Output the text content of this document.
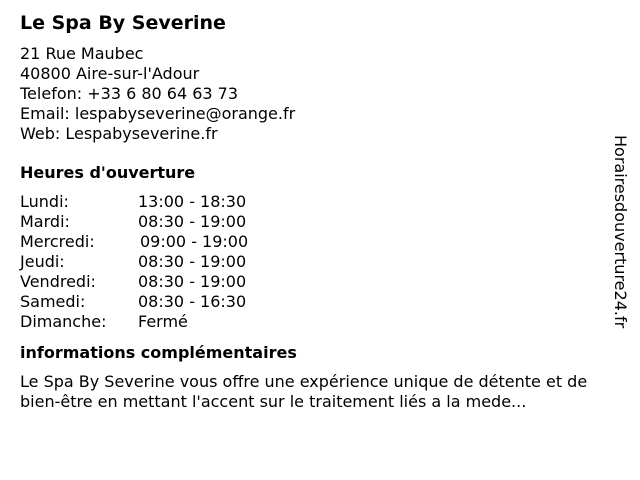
Le Spa By Severine
21 Rue Maubec
40800 Aire-sur-l'Adour
Telefon: +33 6 80 64 63 73
Email: lespabyseverine@orange.fr
Web: Lespabyseverine.fr
Heures d'ouverture
Lundi:	13:00 - 18:30
Mardi:	08:30 - 19:00
Mercredi:	09:00 - 19:00
Jeudi:	08:30 - 19:00
Vendredi:	08:30 - 19:00
Samedi:	08:30 - 16:30
Dimanche:	Fermé
informations complémentaires

Le Spa By Severine vous offre une expérience unique de détente et de bien-être en mettant l'accent sur le traitement liés a la mede...

Horairesdouverture24.fr
